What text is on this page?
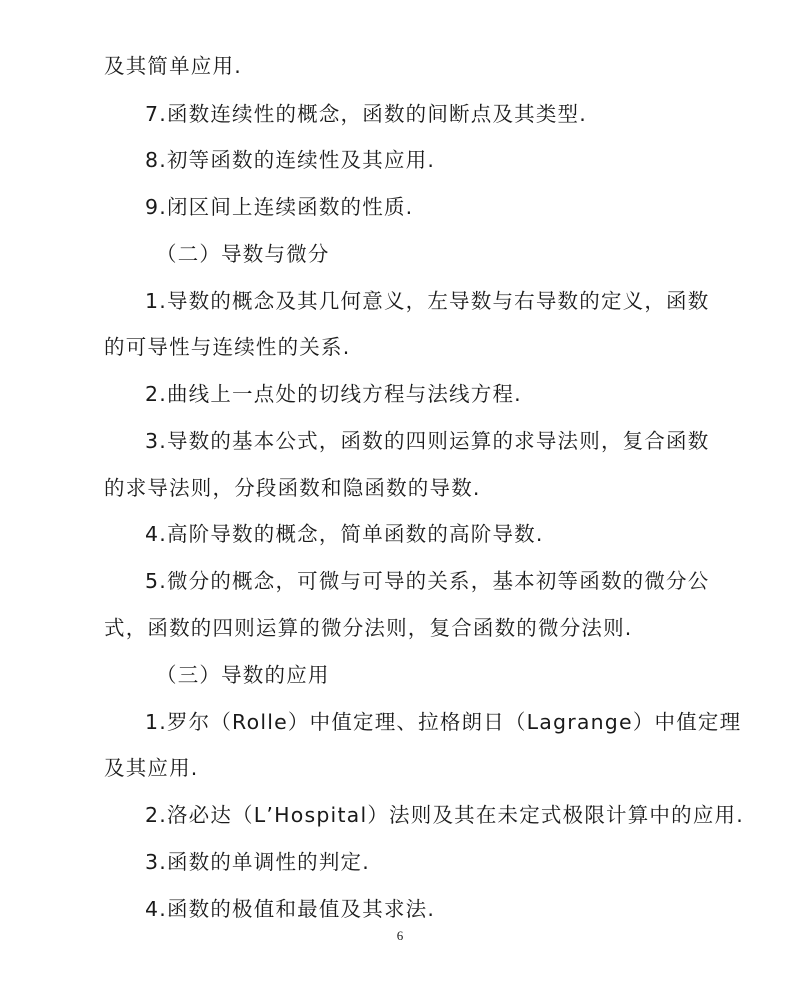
及其简单应用.

7.函数连续性的概念，函数的间断点及其类型.

8.初等函数的连续性及其应用.

9.闭区间上连续函数的性质.

（二）导数与微分

1.导数的概念及其几何意义，左导数与右导数的定义，函数

的可导性与连续性的关系.

2.曲线上一点处的切线方程与法线方程.

3.导数的基本公式，函数的四则运算的求导法则，复合函数

的求导法则，分段函数和隐函数的导数.

4.高阶导数的概念，简单函数的高阶导数.

5.微分的概念，可微与可导的关系，基本初等函数的微分公

式，函数的四则运算的微分法则，复合函数的微分法则.

（三）导数的应用

1.罗尔（Rolle）中值定理、拉格朗日（Lagrange）中值定理

及其应用.

2.洛必达（L’Hospital）法则及其在未定式极限计算中的应用.

3.函数的单调性的判定.

4.函数的极值和最值及其求法.

6
